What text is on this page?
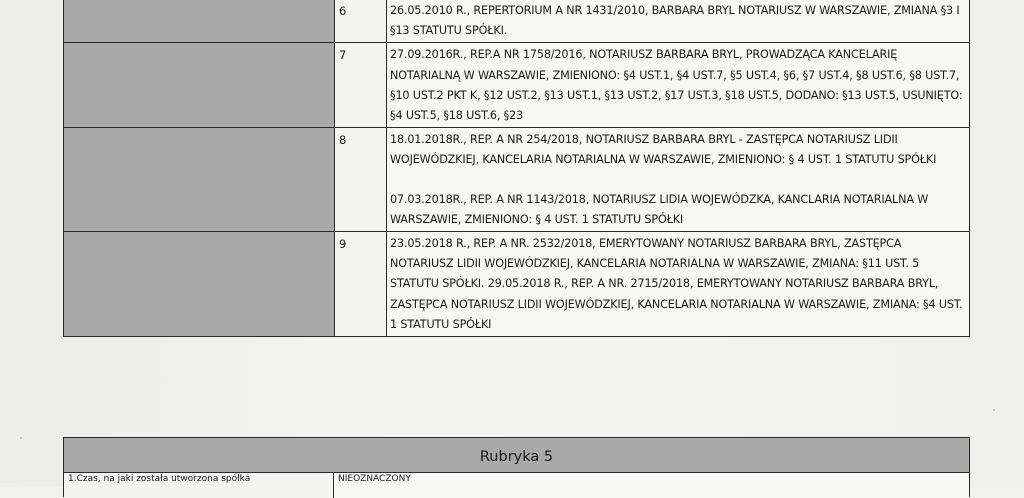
	6	26.05.2010 R., REPERTORIUM A NR 1431/2010, BARBARA BRYL NOTARIUSZ W WARSZAWIE, ZMIANA §3 I §13 STATUTU SPÓŁKI.

	7	27.09.2016R., REP.A NR 1758/2016, NOTARIUSZ BARBARA BRYL, PROWADZĄCA KANCELARIĘ NOTARIALNĄ W WARSZAWIE, ZMIENIONO: §4 UST.1, §4 UST.7, §5 UST.4, §6, §7 UST.4, §8 UST.6, §8 UST.7, §10 UST.2 PKT K, §12 UST.2, §13 UST.1, §13 UST.2, §17 UST.3, §18 UST.5, DODANO: §13 UST.5, USUNIĘTO: §4 UST.5, §18 UST.6, §23

	8	18.01.2018R., REP. A NR 254/2018, NOTARIUSZ BARBARA BRYL - ZASTĘPCA NOTARIUSZ LIDII WOJEWÓDZKIEJ, KANCELARIA NOTARIALNA W WARSZAWIE, ZMIENIONO: § 4 UST. 1 STATUTU SPÓŁKI

07.03.2018R., REP. A NR 1143/2018, NOTARIUSZ LIDIA WOJEWÓDZKA, KANCLARIA NOTARIALNA W WARSZAWIE, ZMIENIONO: § 4 UST. 1 STATUTU SPÓŁKI

	9	23.05.2018 R., REP. A NR. 2532/2018, EMERYTOWANY NOTARIUSZ BARBARA BRYL, ZASTĘPCA NOTARIUSZ LIDII WOJEWÓDZKIEJ, KANCELARIA NOTARIALNA W WARSZAWIE, ZMIANA: §11 UST. 5 STATUTU SPÓŁKI. 29.05.2018 R., REP. A NR. 2715/2018, EMERYTOWANY NOTARIUSZ BARBARA BRYL, ZASTĘPCA NOTARIUSZ LIDII WOJEWÓDZKIEJ, KANCELARIA NOTARIALNA W WARSZAWIE, ZMIANA: §4 UST. 1 STATUTU SPÓŁKI

Rubryka 5
1.Czas, na jaki została utworzona spółka	NIEOZNACZONY
